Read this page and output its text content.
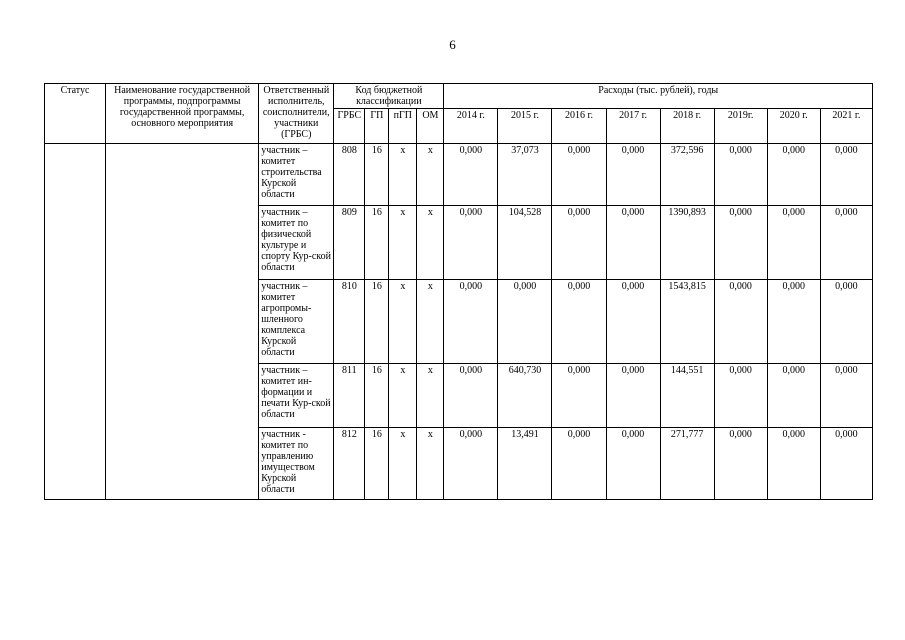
6
Статус	Наименование государственной программы, подпрограммы государственной программы, основного мероприятия	Ответственный исполнитель, соисполнители, участники (ГРБС)	Код бюджетной классификации				Расходы (тыс. рублей), годы							
			ГРБС	ГП	пГП	ОМ	2014 г.	2015 г.	2016 г.	2017 г.	2018 г.	2019г.	2020 г.	2021 г.
		участник – комитет строительства Курской области	808	16	х	х	0,000	37,073	0,000	0,000	372,596	0,000	0,000	0,000
		участник – комитет по физической культуре и спорту Кур-ской области	809	16	х	х	0,000	104,528	0,000	0,000	1390,893	0,000	0,000	0,000
		участник – комитет агропромы-шленного комплекса Курской области	810	16	х	х	0,000	0,000	0,000	0,000	1543,815	0,000	0,000	0,000
		участник – комитет ин-формации и печати Кур-ской области	811	16	х	х	0,000	640,730	0,000	0,000	144,551	0,000	0,000	0,000
		участник - комитет по управлению имуществом Курской области	812	16	х	х	0,000	13,491	0,000	0,000	271,777	0,000	0,000	0,000
